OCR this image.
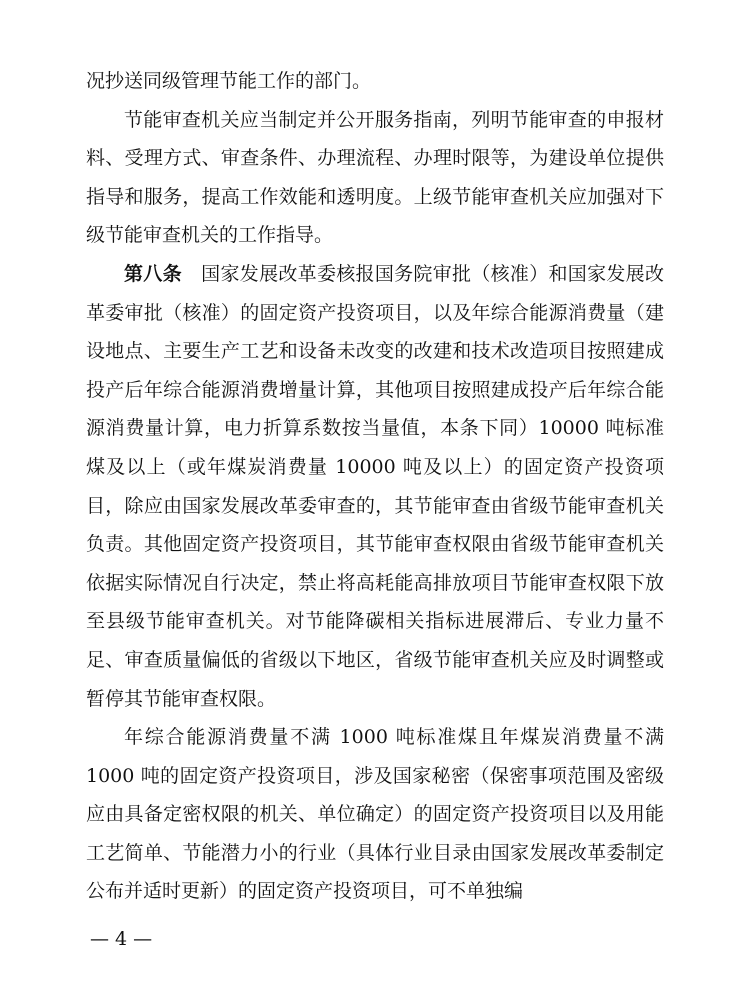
况抄送同级管理节能工作的部门。

节能审查机关应当制定并公开服务指南，列明节能审查的申报材料、受理方式、审查条件、办理流程、办理时限等，为建设单位提供指导和服务，提高工作效能和透明度。上级节能审查机关应加强对下级节能审查机关的工作指导。

第八条  国家发展改革委核报国务院审批（核准）和国家发展改革委审批（核准）的固定资产投资项目，以及年综合能源消费量（建设地点、主要生产工艺和设备未改变的改建和技术改造项目按照建成投产后年综合能源消费增量计算，其他项目按照建成投产后年综合能源消费量计算，电力折算系数按当量值，本条下同）10000 吨标准煤及以上（或年煤炭消费量 10000 吨及以上）的固定资产投资项目，除应由国家发展改革委审查的，其节能审查由省级节能审查机关负责。其他固定资产投资项目，其节能审查权限由省级节能审查机关依据实际情况自行决定，禁止将高耗能高排放项目节能审查权限下放至县级节能审查机关。对节能降碳相关指标进展滞后、专业力量不足、审查质量偏低的省级以下地区，省级节能审查机关应及时调整或暂停其节能审查权限。

年综合能源消费量不满 1000 吨标准煤且年煤炭消费量不满 1000 吨的固定资产投资项目，涉及国家秘密（保密事项范围及密级应由具备定密权限的机关、单位确定）的固定资产投资项目以及用能工艺简单、节能潜力小的行业（具体行业目录由国家发展改革委制定公布并适时更新）的固定资产投资项目，可不单独编

— 4 —
